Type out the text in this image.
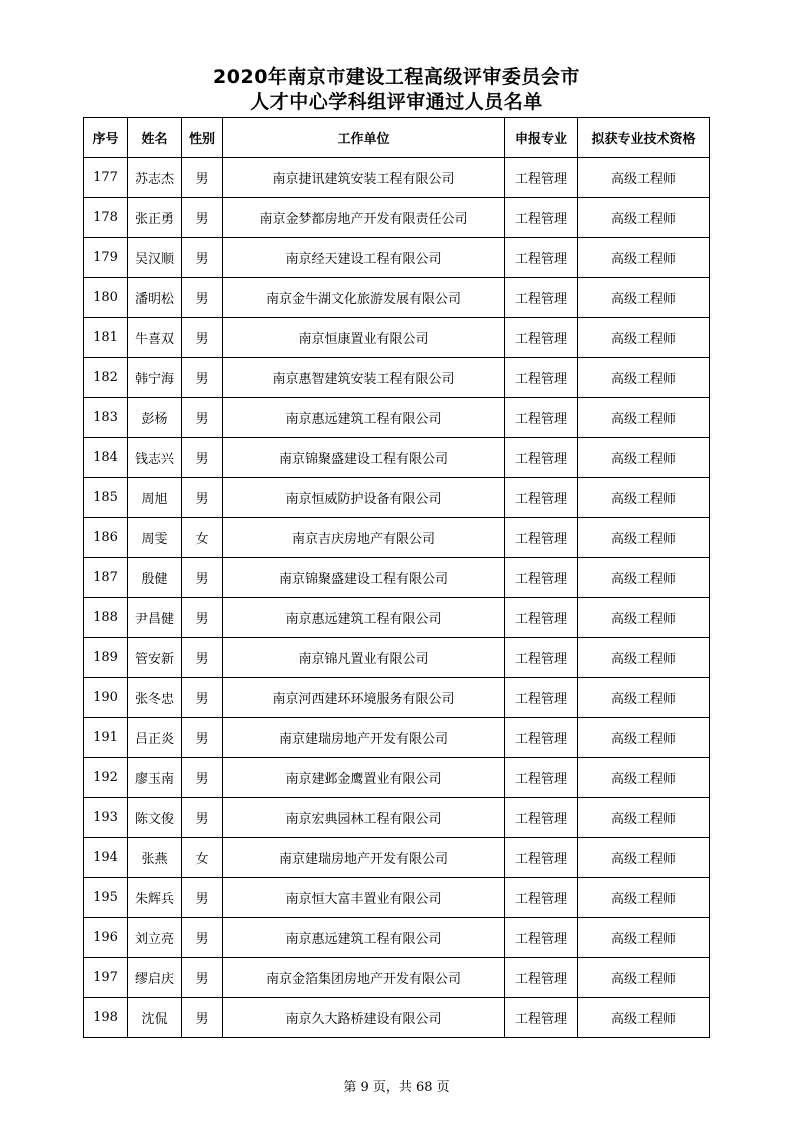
2020年南京市建设工程高级评审委员会市
人才中心学科组评审通过人员名单
序号	姓名	性别	工作单位	申报专业	拟获专业技术资格
177	苏志杰	男	南京捷讯建筑安装工程有限公司	工程管理	高级工程师
178	张正勇	男	南京金梦都房地产开发有限责任公司	工程管理	高级工程师
179	吴汉顺	男	南京经天建设工程有限公司	工程管理	高级工程师
180	潘明松	男	南京金牛湖文化旅游发展有限公司	工程管理	高级工程师
181	牛喜双	男	南京恒康置业有限公司	工程管理	高级工程师
182	韩宁海	男	南京惠智建筑安装工程有限公司	工程管理	高级工程师
183	彭杨	男	南京惠远建筑工程有限公司	工程管理	高级工程师
184	钱志兴	男	南京锦聚盛建设工程有限公司	工程管理	高级工程师
185	周旭	男	南京恒威防护设备有限公司	工程管理	高级工程师
186	周雯	女	南京吉庆房地产有限公司	工程管理	高级工程师
187	殷健	男	南京锦聚盛建设工程有限公司	工程管理	高级工程师
188	尹昌健	男	南京惠远建筑工程有限公司	工程管理	高级工程师
189	管安新	男	南京锦凡置业有限公司	工程管理	高级工程师
190	张冬忠	男	南京河西建环环境服务有限公司	工程管理	高级工程师
191	吕正炎	男	南京建瑞房地产开发有限公司	工程管理	高级工程师
192	廖玉南	男	南京建邺金鹰置业有限公司	工程管理	高级工程师
193	陈文俊	男	南京宏典园林工程有限公司	工程管理	高级工程师
194	张燕	女	南京建瑞房地产开发有限公司	工程管理	高级工程师
195	朱辉兵	男	南京恒大富丰置业有限公司	工程管理	高级工程师
196	刘立亮	男	南京惠远建筑工程有限公司	工程管理	高级工程师
197	缪启庆	男	南京金箔集团房地产开发有限公司	工程管理	高级工程师
198	沈侃	男	南京久大路桥建设有限公司	工程管理	高级工程师
第 9 页，共 68 页
